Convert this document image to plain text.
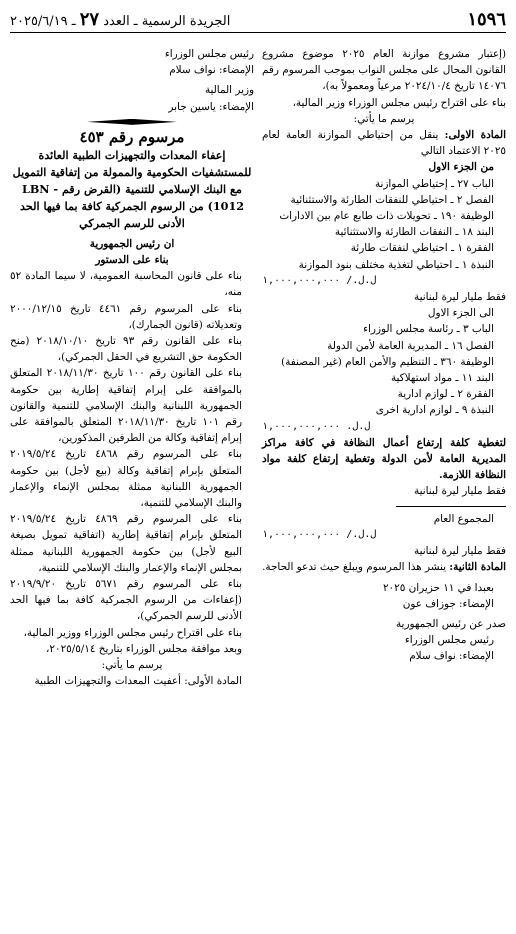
١٥٩٦
الجريدة الرسمية ـ العدد ٢٧ ـ ٢٠٢٥/٦/١٩

(إعتبار مشروع موازنة العام ٢٠٢٥ موضوع مشروع القانون المحال على مجلس النواب بموجب المرسوم رقم ١٤٠٧٦ تاريخ ٢٠٢٤/١٠/٤ مرعياً ومعمولاً به)،

بناء على اقتراح رئيس مجلس الوزراء وزير المالية،

يرسم ما يأتي:

المادة الاولى: ينقل من إحتياطي الموازنة العامة لعام ٢٠٢٥ الاعتماد التالي

من الجزء الاول

الباب ٢٧ ـ إحتياطي الموازنة

الفصل ٢ ـ احتياطي للنفقات الطارئة والاستثنائية

الوظيفة ١٩٠ ـ تحويلات ذات طابع عام بين الادارات

البند ١٨ ـ النفقات الطارئة والاستثنائية

الفقرة ١ ـ احتياطي لنفقات طارئة

النبذة ١ ـ احتياطي لتغذية مختلف بنود الموازنة

ل.ل./ ١,٠٠٠,٠٠٠,٠٠٠

فقط مليار ليرة لبنانية

الى الجزء الاول

الباب ٣ ـ رئاسة مجلس الوزراء

الفصل ١٦ ـ المديرية العامة لأمن الدولة

الوظيفة ٣٦٠ ـ التنظيم والأمن العام (غير المصنفة)

البند ١١ ـ مواد استهلاكية

الفقرة ٢ ـ لوازم ادارية

النبذة ٩ ـ لوازم ادارية اخرى

ل.ل. ١,٠٠٠,٠٠٠,٠٠٠

لتغطية كلفة إرتفاع أعمال النظافة في كافة مراكز المديرية العامة لأمن الدولة وتغطية إرتفاع كلفة مواد النظافة اللازمة.

فقط مليار ليرة لبنانية

المجموع العام

ل.ل./ ١,٠٠٠,٠٠٠,٠٠٠

فقط مليار ليرة لبنانية

المادة الثانية: ينشر هذا المرسوم ويبلغ حيث تدعو الحاجة.

بعبدا في ١١ حزيران ٢٠٢٥

الإمضاء: جوزاف عون

صدر عن رئيس الجمهورية

رئيس مجلس الوزراء

الإمضاء: نواف سلام

رئيس مجلس الوزراء

الإمضاء: نواف سلام

وزير المالية

الإمضاء: ياسين جابر

مرسوم رقم ٤٥٣

إعفاء المعدات والتجهيزات الطبية العائدة للمستشفيات الحكومية والممولة من إتفاقية التمويل مع البنك الإسلامي للتنمية (القرض رقم LBN - 1012) من الرسوم الجمركية كافة بما فيها الحد الأدنى للرسم الجمركي

ان رئيس الجمهورية

بناء على الدستور

بناء على قانون المحاسبة العمومية، لا سيما المادة ٥٢ منه،

بناء على المرسوم رقم ٤٤٦١ تاريخ ٢٠٠٠/١٢/١٥ وتعديلاته (قانون الجمارك)،

بناء على القانون رقم ٩٣ تاريخ ٢٠١٨/١٠/١٠ (منح الحكومة حق التشريع في الحقل الجمركي)،

بناء على القانون رقم ١٠٠ تاريخ ٢٠١٨/١١/٣٠ المتعلق بالموافقة على إبرام إتفاقية إطارية بين حكومة الجمهورية اللبنانية والبنك الإسلامي للتنمية والقانون رقم ١٠١ تاريخ ٢٠١٨/١١/٣٠ المتعلق بالموافقة على إبرام إتفاقية وكالة من الطرفين المذكورين،

بناء على المرسوم رقم ٤٨٦٨ تاريخ ٢٠١٩/٥/٢٤ المتعلق بإبرام إتفاقية وكالة (بيع لأجل) بين حكومة الجمهورية اللبنانية ممثلة بمجلس الإنماء والإعمار والبنك الإسلامي للتنمية،

بناء على المرسوم رقم ٤٨٦٩ تاريخ ٢٠١٩/٥/٢٤ المتعلق بإبرام إتفاقية إطارية (اتفاقية تمويل بصيغة البيع لأجل) بين حكومة الجمهورية اللبنانية ممثلة بمجلس الإنماء والإعمار والبنك الإسلامي للتنمية،

بناء على المرسوم رقم ٥٦٧١ تاريخ ٢٠١٩/٩/٢٠ (إعفاءات من الرسوم الجمركية كافة بما فيها الحد الأدنى للرسم الجمركي)،

بناء على اقتراح رئيس مجلس الوزراء ووزير المالية،

وبعد موافقة مجلس الوزراء بتاريخ ٢٠٢٥/٥/١٤،

يرسم ما يأتي:

المادة الأولى: أعفيت المعدات والتجهيزات الطبية
